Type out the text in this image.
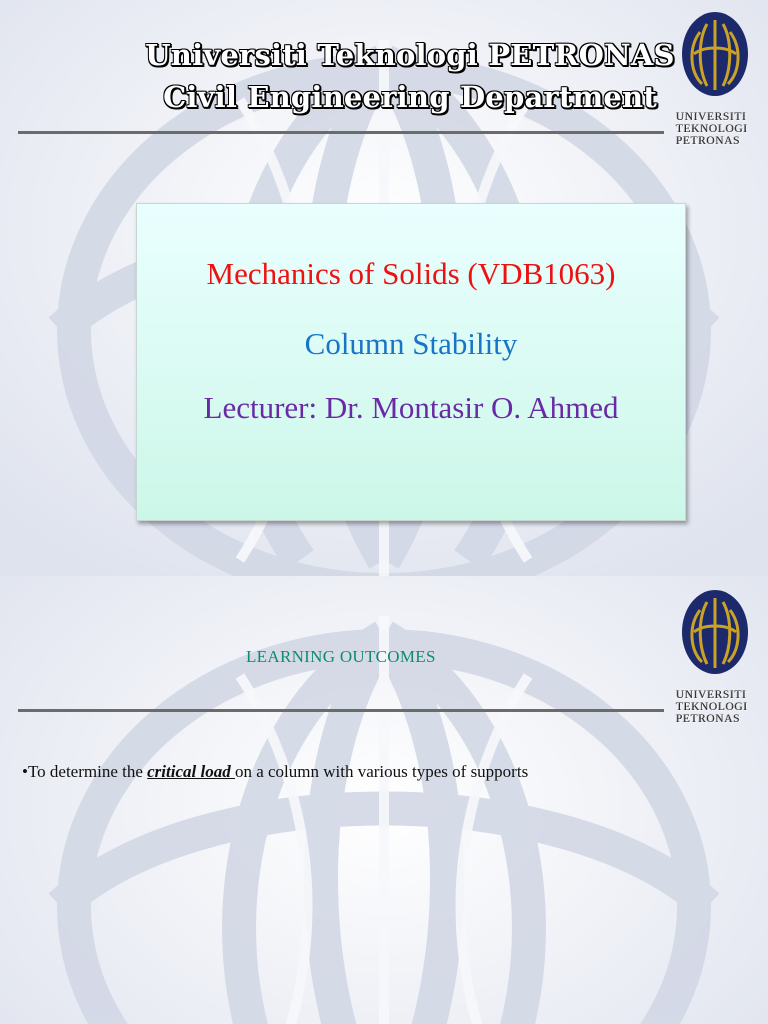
Universiti Teknologi PETRONAS
Civil Engineering Department
UNIVERSITI
TEKNOLOGI
PETRONAS
Mechanics of Solids (VDB1063)
Column Stability
Lecturer: Dr. Montasir O. Ahmed
LEARNING OUTCOMES
UNIVERSITI
TEKNOLOGI
PETRONAS
•To determine the critical load on a column with various types of supports
